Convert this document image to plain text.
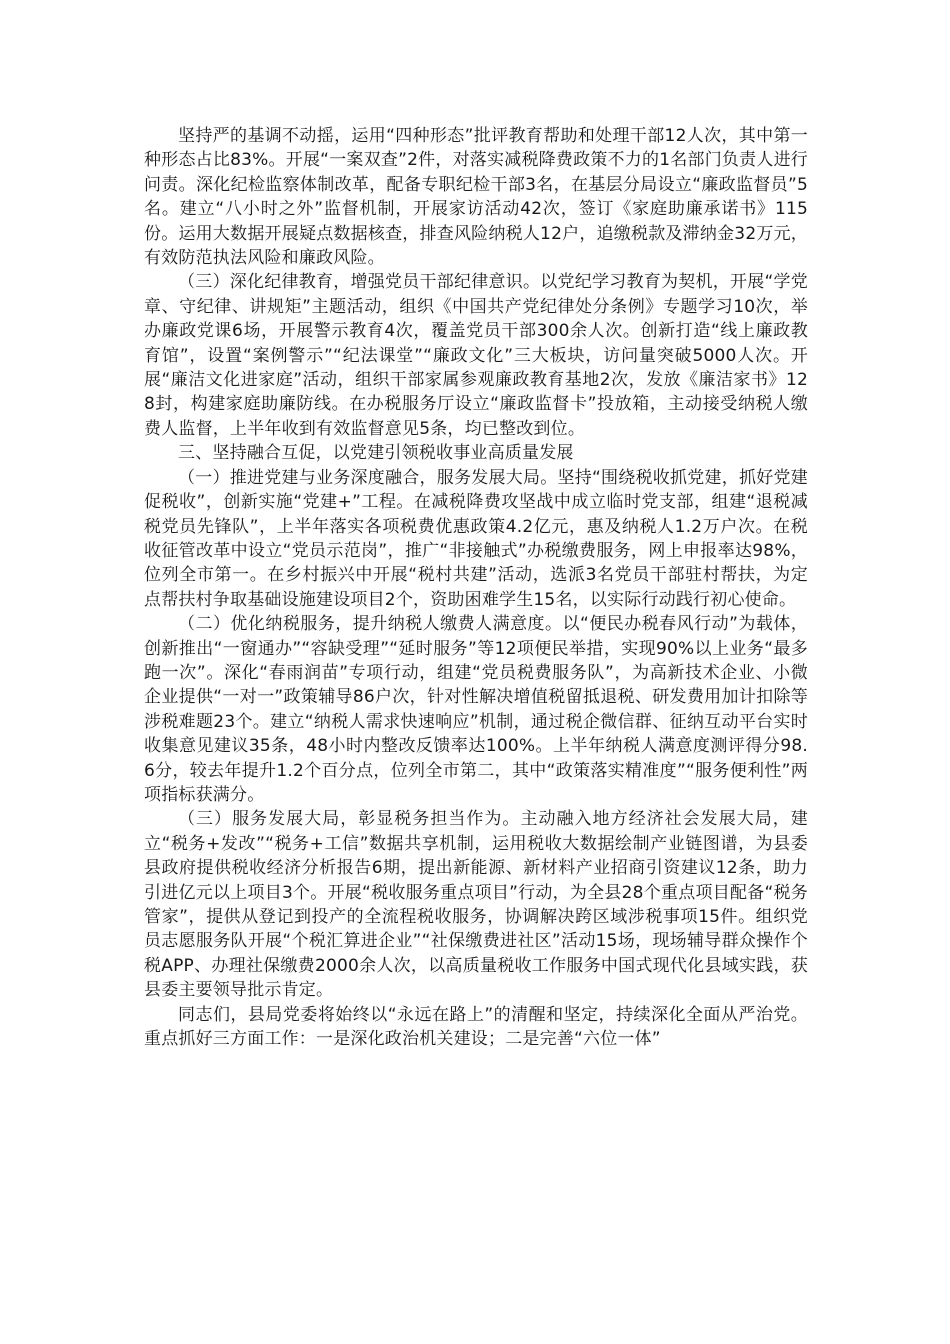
坚持严的基调不动摇，运用“四种形态”批评教育帮助和处理干部12人次，其中第一种形态占比83%。开展“一案双查”2件，对落实减税降费政策不力的1名部门负责人进行问责。深化纪检监察体制改革，配备专职纪检干部3名，在基层分局设立“廉政监督员”5名。建立“八小时之外”监督机制，开展家访活动42次，签订《家庭助廉承诺书》115份。运用大数据开展疑点数据核查，排查风险纳税人12户，追缴税款及滞纳金32万元，有效防范执法风险和廉政风险。

（三）深化纪律教育，增强党员干部纪律意识。以党纪学习教育为契机，开展“学党章、守纪律、讲规矩”主题活动，组织《中国共产党纪律处分条例》专题学习10次，举办廉政党课6场，开展警示教育4次，覆盖党员干部300余人次。创新打造“线上廉政教育馆”，设置“案例警示”“纪法课堂”“廉政文化”三大板块，访问量突破5000人次。开展“廉洁文化进家庭”活动，组织干部家属参观廉政教育基地2次，发放《廉洁家书》128封，构建家庭助廉防线。在办税服务厅设立“廉政监督卡”投放箱，主动接受纳税人缴费人监督，上半年收到有效监督意见5条，均已整改到位。

三、坚持融合互促，以党建引领税收事业高质量发展

（一）推进党建与业务深度融合，服务发展大局。坚持“围绕税收抓党建，抓好党建促税收”，创新实施“党建+”工程。在减税降费攻坚战中成立临时党支部，组建“退税减税党员先锋队”，上半年落实各项税费优惠政策4.2亿元，惠及纳税人1.2万户次。在税收征管改革中设立“党员示范岗”，推广“非接触式”办税缴费服务，网上申报率达98%，位列全市第一。在乡村振兴中开展“税村共建”活动，选派3名党员干部驻村帮扶，为定点帮扶村争取基础设施建设项目2个，资助困难学生15名，以实际行动践行初心使命。

（二）优化纳税服务，提升纳税人缴费人满意度。以“便民办税春风行动”为载体，创新推出“一窗通办”“容缺受理”“延时服务”等12项便民举措，实现90%以上业务“最多跑一次”。深化“春雨润苗”专项行动，组建“党员税费服务队”，为高新技术企业、小微企业提供“一对一”政策辅导86户次，针对性解决增值税留抵退税、研发费用加计扣除等涉税难题23个。建立“纳税人需求快速响应”机制，通过税企微信群、征纳互动平台实时收集意见建议35条，48小时内整改反馈率达100%。上半年纳税人满意度测评得分98.6分，较去年提升1.2个百分点，位列全市第二，其中“政策落实精准度”“服务便利性”两项指标获满分。

（三）服务发展大局，彰显税务担当作为。主动融入地方经济社会发展大局，建立“税务+发改”“税务+工信”数据共享机制，运用税收大数据绘制产业链图谱，为县委县政府提供税收经济分析报告6期，提出新能源、新材料产业招商引资建议12条，助力引进亿元以上项目3个。开展“税收服务重点项目”行动，为全县28个重点项目配备“税务管家”，提供从登记到投产的全流程税收服务，协调解决跨区域涉税事项15件。组织党员志愿服务队开展“个税汇算进企业”“社保缴费进社区”活动15场，现场辅导群众操作个税APP、办理社保缴费2000余人次，以高质量税收工作服务中国式现代化县域实践，获县委主要领导批示肯定。

同志们，县局党委将始终以“永远在路上”的清醒和坚定，持续深化全面从严治党。重点抓好三方面工作：一是深化政治机关建设；二是完善“六位一体”
